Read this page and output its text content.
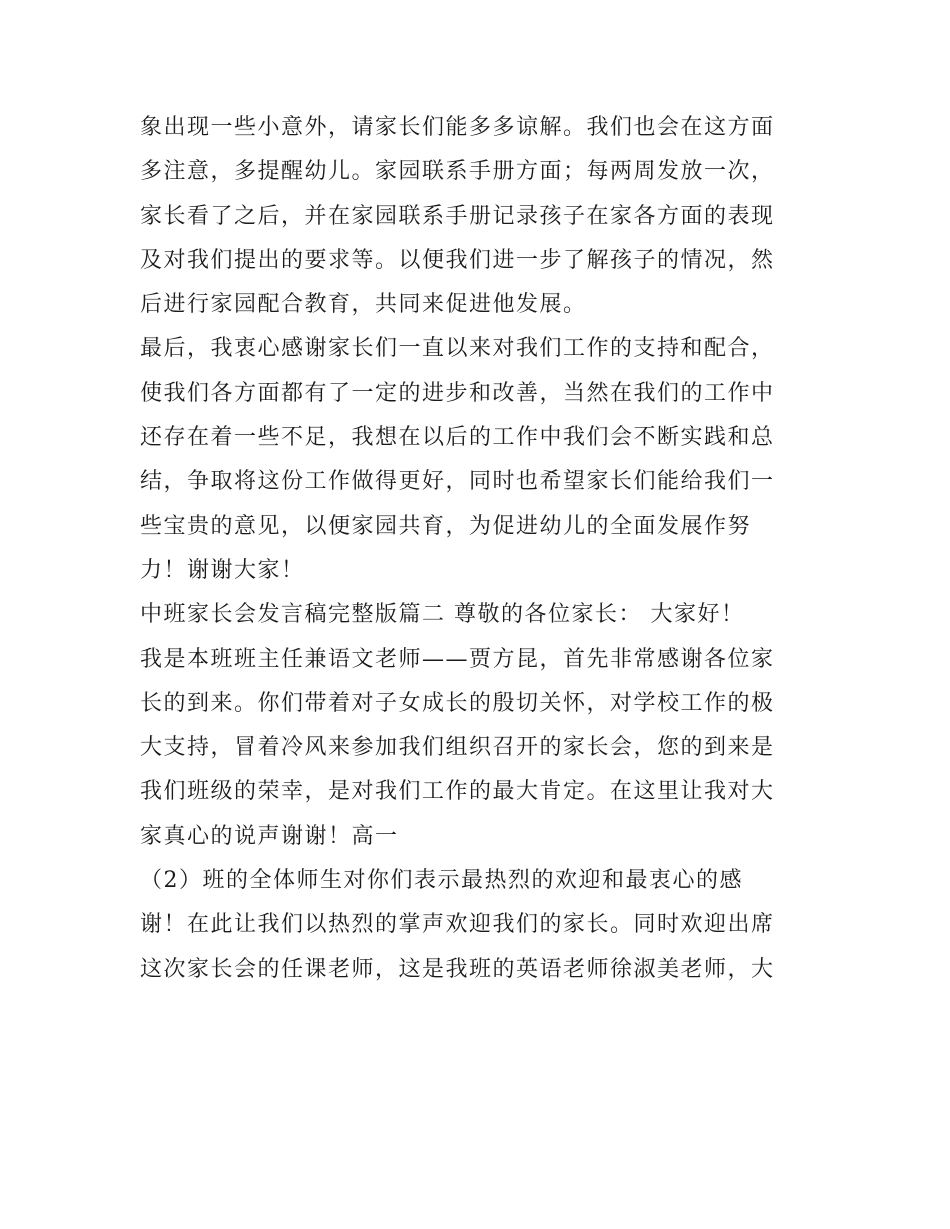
象出现一些小意外，请家长们能多多谅解。我们也会在这方面
多注意，多提醒幼儿。家园联系手册方面；每两周发放一次，
家长看了之后，并在家园联系手册记录孩子在家各方面的表现
及对我们提出的要求等。以便我们进一步了解孩子的情况，然
后进行家园配合教育，共同来促进他发展。

最后，我衷心感谢家长们一直以来对我们工作的支持和配合，
使我们各方面都有了一定的进步和改善，当然在我们的工作中
还存在着一些不足，我想在以后的工作中我们会不断实践和总
结，争取将这份工作做得更好，同时也希望家长们能给我们一
些宝贵的意见，以便家园共育，为促进幼儿的全面发展作努
力！谢谢大家！

中班家长会发言稿完整版篇二 尊敬的各位家长： 大家好！

我是本班班主任兼语文老师——贾方昆，首先非常感谢各位家
长的到来。你们带着对子女成长的殷切关怀，对学校工作的极
大支持，冒着冷风来参加我们组织召开的家长会，您的到来是
我们班级的荣幸，是对我们工作的最大肯定。在这里让我对大
家真心的说声谢谢！高一

（2）班的全体师生对你们表示最热烈的欢迎和最衷心的感
谢！在此让我们以热烈的掌声欢迎我们的家长。同时欢迎出席
这次家长会的任课老师，这是我班的英语老师徐淑美老师，大
